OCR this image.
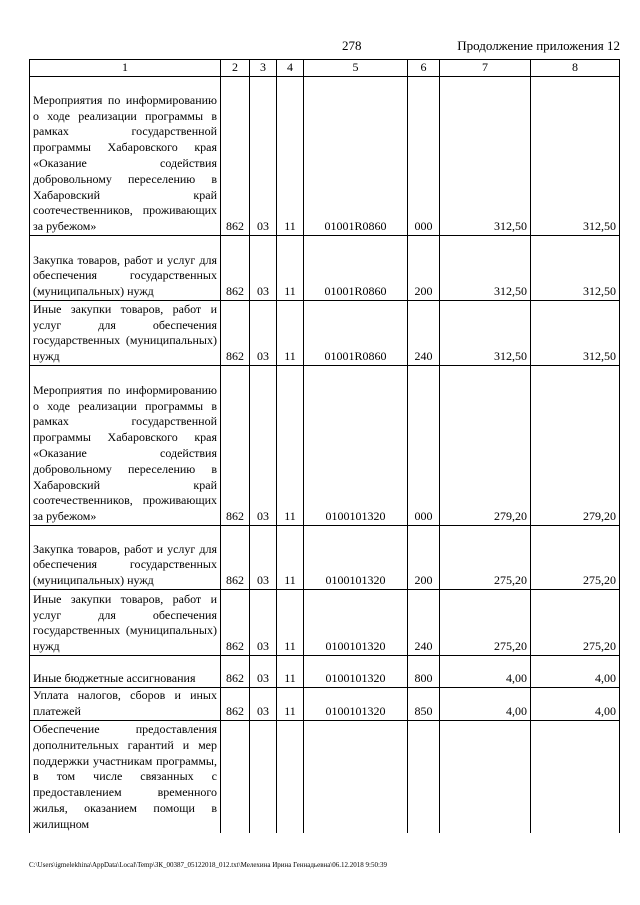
278	Продолжение приложения 12
1	2	3	4	5	6	7	8
Мероприятия по информированию о ходе реализации программы в рамках государственной программы Хабаровского края «Оказание содействия добровольному переселению в Хабаровский край соотечественников, проживающих за рубежом»	862	03	11	01001R0860	000	312,50	312,50
Закупка товаров, работ и услуг для обеспечения государственных (муниципальных) нужд	862	03	11	01001R0860	200	312,50	312,50
Иные закупки товаров, работ и услуг для обеспечения государственных (муниципальных) нужд	862	03	11	01001R0860	240	312,50	312,50
Мероприятия по информированию о ходе реализации программы в рамках государственной программы Хабаровского края «Оказание содействия добровольному переселению в Хабаровский край соотечественников, проживающих за рубежом»	862	03	11	0100101320	000	279,20	279,20
Закупка товаров, работ и услуг для обеспечения государственных (муниципальных) нужд	862	03	11	0100101320	200	275,20	275,20
Иные закупки товаров, работ и услуг для обеспечения государственных (муниципальных) нужд	862	03	11	0100101320	240	275,20	275,20
Иные бюджетные ассигнования	862	03	11	0100101320	800	4,00	4,00
Уплата налогов, сборов и иных платежей	862	03	11	0100101320	850	4,00	4,00
Обеспечение предоставления дополнительных гарантий и мер поддержки участникам программы, в том числе связанных с предоставлением временного жилья, оказанием помощи в жилищном							
C:\Users\igmelekhina\AppData\Local\Temp\ЗК_00387_05122018_012.txt\Мелехина Ирина Геннадьевна\06.12.2018 9:50:39
